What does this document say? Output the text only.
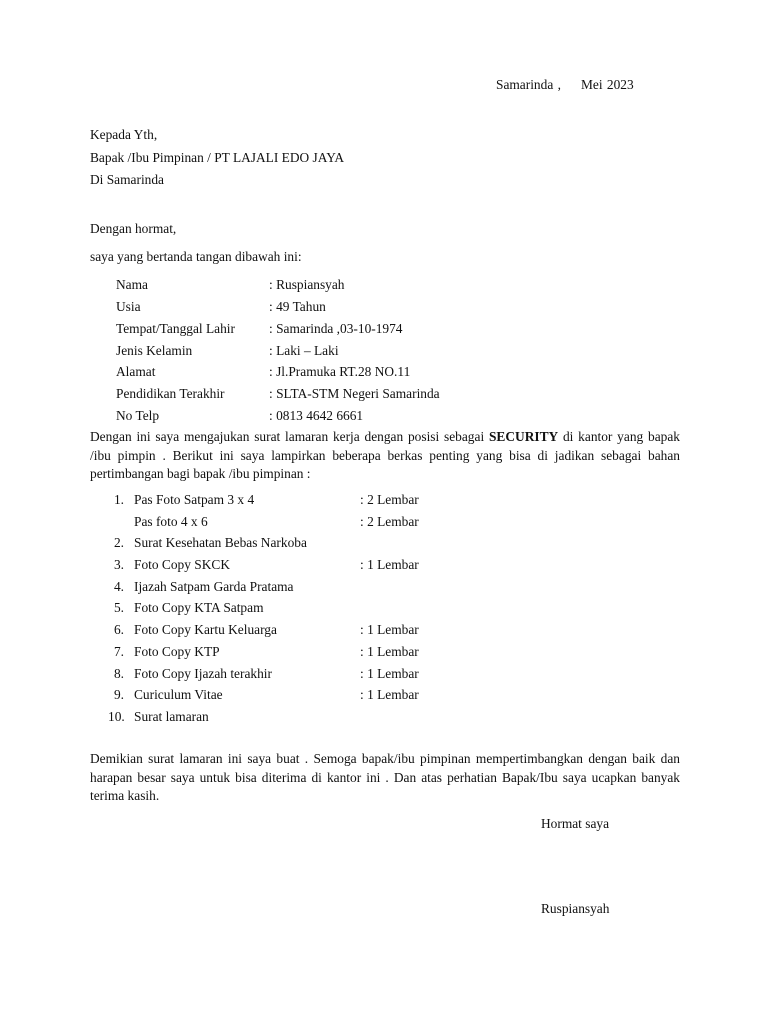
Samarinda , Mei 2023
Kepada Yth,
Bapak /Ibu Pimpinan / PT LAJALI EDO JAYA
Di Samarinda
Dengan hormat,
saya yang bertanda tangan dibawah ini:
Nama	: Ruspiansyah
Usia	: 49 Tahun
Tempat/Tanggal Lahir	: Samarinda ,03-10-1974
Jenis Kelamin	: Laki – Laki
Alamat	: Jl.Pramuka RT.28 NO.11
Pendidikan Terakhir	: SLTA-STM Negeri Samarinda
No Telp	: 0813 4642 6661
Dengan ini saya mengajukan surat lamaran kerja dengan posisi sebagai SECURITY di kantor yang bapak /ibu pimpin . Berikut ini saya lampirkan beberapa berkas penting yang bisa di jadikan sebagai bahan pertimbangan bagi bapak /ibu pimpinan :
1. Pas Foto Satpam 3 x 4	: 2 Lembar
Pas foto 4 x 6	: 2 Lembar
2. Surat Kesehatan Bebas Narkoba
3. Foto Copy SKCK	: 1 Lembar
4. Ijazah Satpam Garda Pratama
5. Foto Copy KTA Satpam
6. Foto Copy Kartu Keluarga	: 1 Lembar
7. Foto Copy KTP	: 1 Lembar
8. Foto Copy Ijazah terakhir	: 1 Lembar
9. Curiculum Vitae	: 1 Lembar
10. Surat lamaran
Demikian surat lamaran ini saya buat . Semoga bapak/ibu pimpinan mempertimbangkan dengan baik dan harapan besar saya untuk bisa diterima di kantor ini . Dan atas perhatian Bapak/Ibu saya ucapkan banyak terima kasih.
Hormat saya
Ruspiansyah
